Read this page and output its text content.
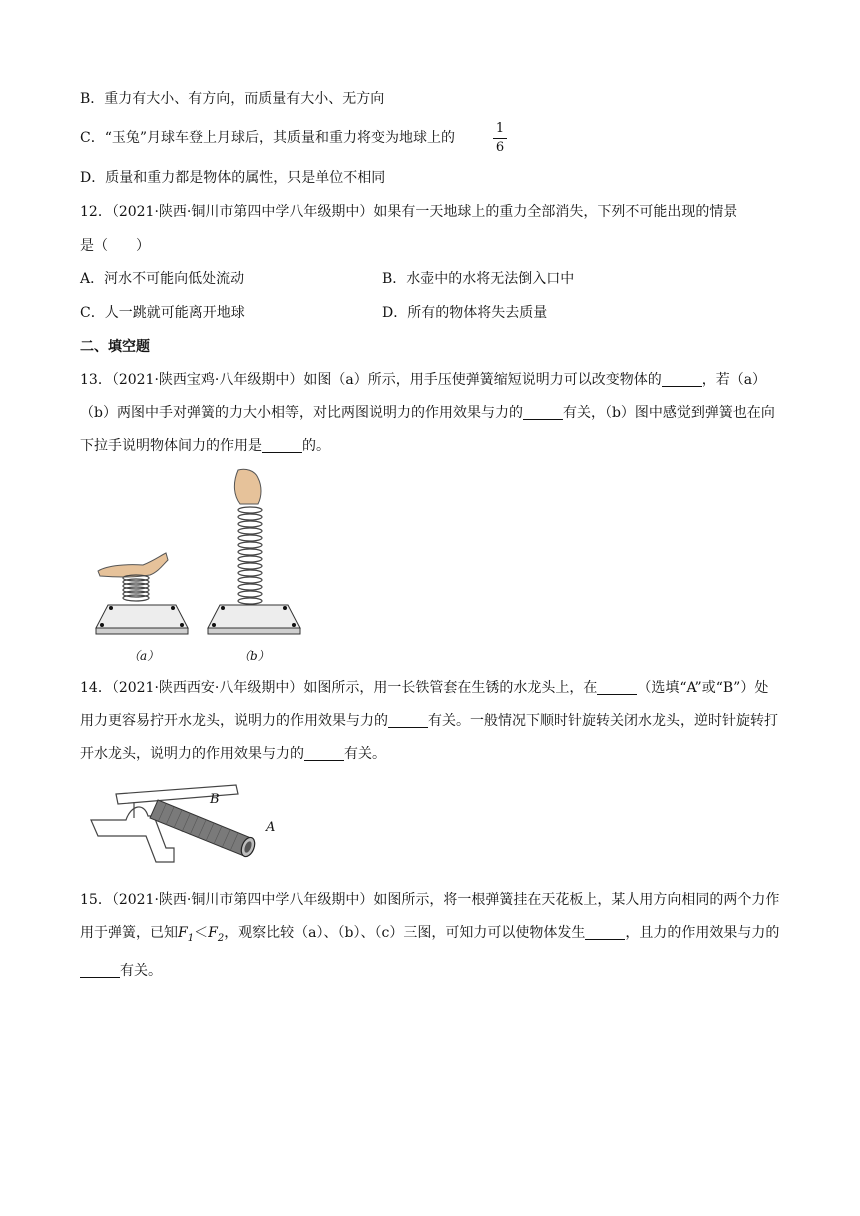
B．重力有大小、有方向，而质量有大小、无方向
C．“玉兔”月球车登上月球后，其质量和重力将变为地球上的	$\frac{1}{6}$
D．质量和重力都是物体的属性，只是单位不相同
12．（2021·陕西·铜川市第四中学八年级期中）如果有一天地球上的重力全部消失，下列不可能出现的情景
是（　　）
A．河水不可能向低处流动	B．水壶中的水将无法倒入口中
C．人一跳就可能离开地球	D．所有的物体将失去质量
二、填空题
13．（2021·陕西宝鸡·八年级期中）如图（a）所示，用手压使弹簧缩短说明力可以改变物体的	，若（a）（b）两图中手对弹簧的力大小相等，对比两图说明力的作用效果与力的	有关，（b）图中感觉到弹簧也在向下拉手说明物体间力的作用是	的。
（a）	（b）
14．（2021·陕西西安·八年级期中）如图所示，用一长铁管套在生锈的水龙头上，在	（选填“A”或“B”）处用力更容易拧开水龙头，说明力的作用效果与力的	有关。一般情况下顺时针旋转关闭水龙头，逆时针旋转打开水龙头，说明力的作用效果与力的	有关。
B
A
15．（2021·陕西·铜川市第四中学八年级期中）如图所示，将一根弹簧挂在天花板上，某人用方向相同的两个力作用于弹簧，已知$F_1<F_2$，观察比较（a）、（b）、（c）三图，可知力可以使物体发生	，且力的作用效果与力的有关。
